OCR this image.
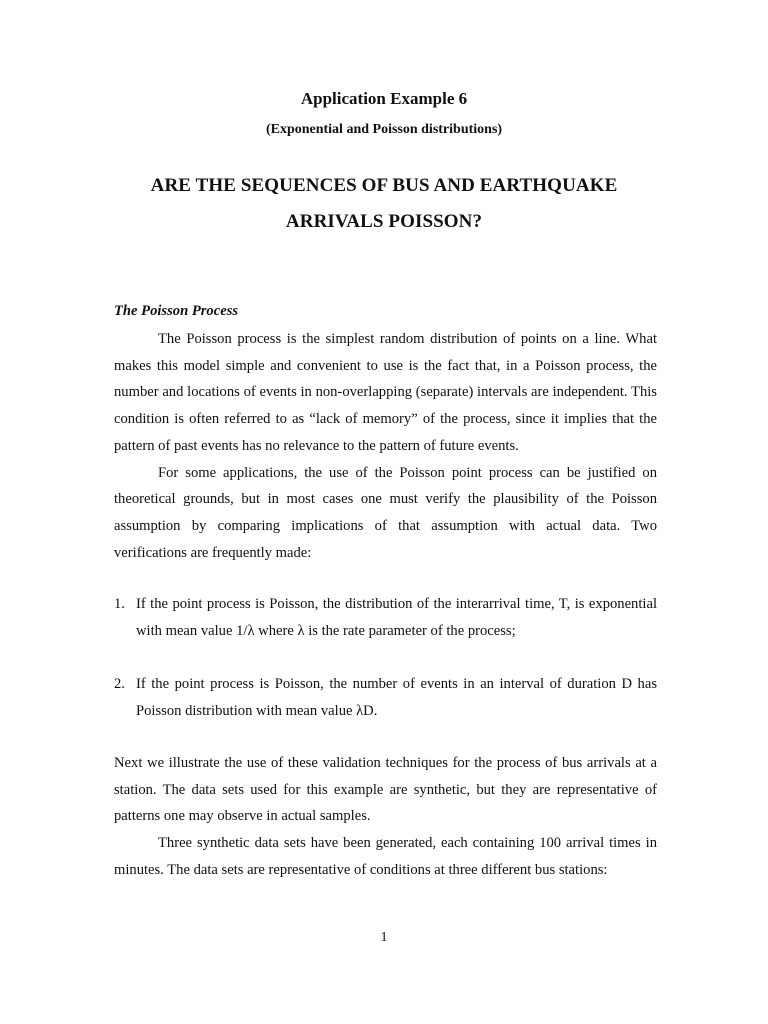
Application Example 6
(Exponential and Poisson distributions)
ARE THE SEQUENCES OF BUS AND EARTHQUAKE
ARRIVALS POISSON?
The Poisson Process

The Poisson process is the simplest random distribution of points on a line. What makes this model simple and convenient to use is the fact that, in a Poisson process, the number and locations of events in non-overlapping (separate) intervals are independent. This condition is often referred to as “lack of memory” of the process, since it implies that the pattern of past events has no relevance to the pattern of future events.

For some applications, the use of the Poisson point process can be justified on theoretical grounds, but in most cases one must verify the plausibility of the Poisson assumption by comparing implications of that assumption with actual data. Two verifications are frequently made:

1. If the point process is Poisson, the distribution of the interarrival time, T, is exponential with mean value 1/λ where λ is the rate parameter of the process;
2. If the point process is Poisson, the number of events in an interval of duration D has Poisson distribution with mean value λD.

Next we illustrate the use of these validation techniques for the process of bus arrivals at a station. The data sets used for this example are synthetic, but they are representative of patterns one may observe in actual samples.

Three synthetic data sets have been generated, each containing 100 arrival times in minutes. The data sets are representative of conditions at three different bus stations:

1
